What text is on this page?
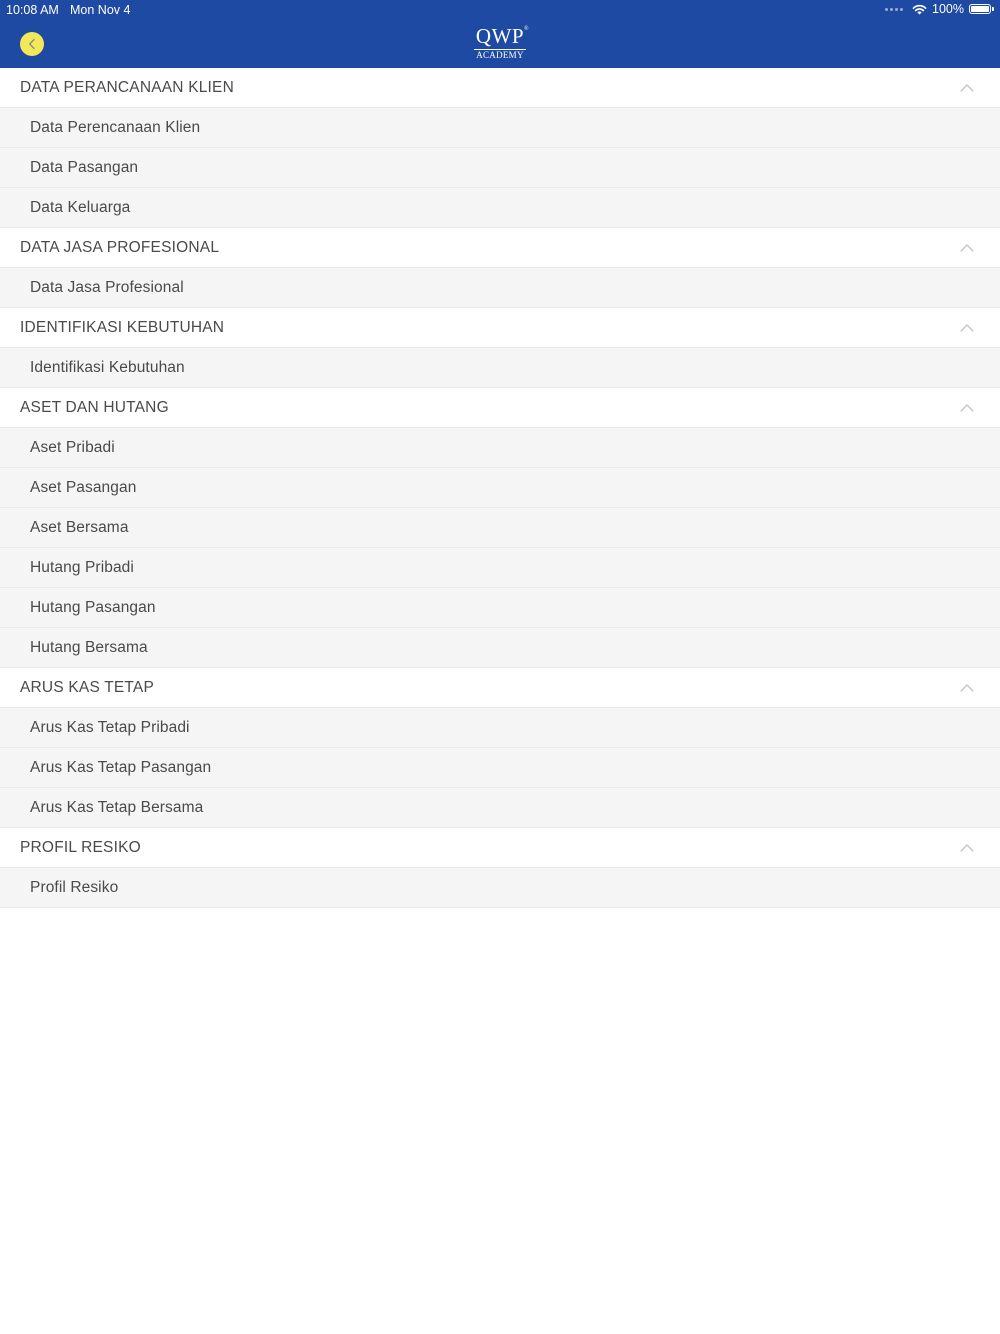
10:08 AM Mon Nov 4	100%
QWP ®
ACADEMY
DATA PERANCANAAN KLIEN
Data Perencanaan Klien
Data Pasangan
Data Keluarga
DATA JASA PROFESIONAL
Data Jasa Profesional
IDENTIFIKASI KEBUTUHAN
Identifikasi Kebutuhan
ASET DAN HUTANG
Aset Pribadi
Aset Pasangan
Aset Bersama
Hutang Pribadi
Hutang Pasangan
Hutang Bersama
ARUS KAS TETAP
Arus Kas Tetap Pribadi
Arus Kas Tetap Pasangan
Arus Kas Tetap Bersama
PROFIL RESIKO
Profil Resiko
